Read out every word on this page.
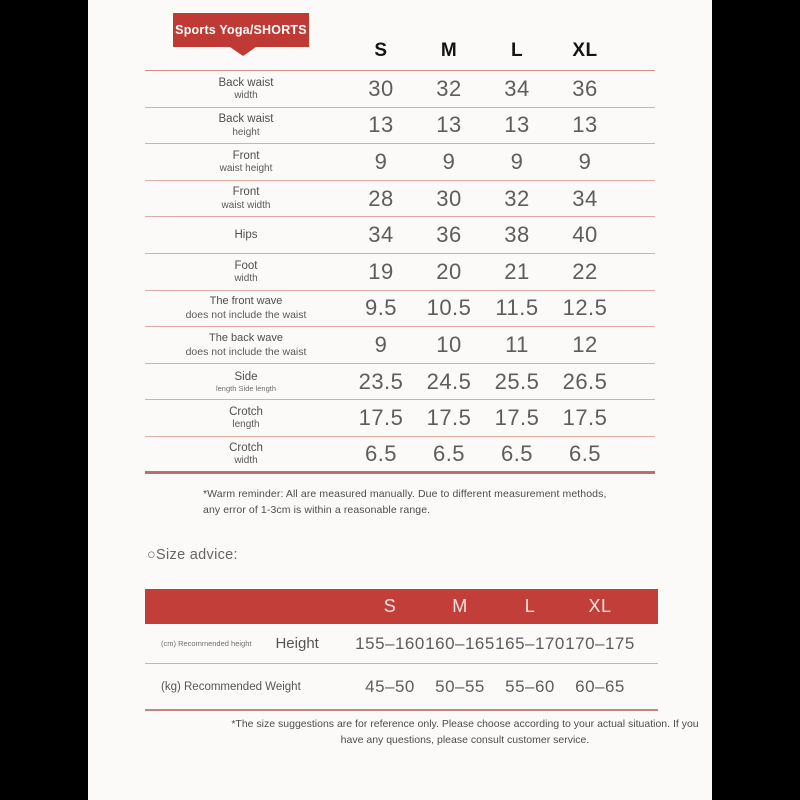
Sports Yoga/SHORTS
S	M	L	XL
Back waist
width	30	32	34	36
Back waist
height	13	13	13	13
Front
waist height	9	9	9	9
Front
waist width	28	30	32	34
Hips	34	36	38	40
Foot
width	19	20	21	22
The front wave
does not include the waist	9.5	10.5	11.5	12.5
The back wave
does not include the waist	9	10	11	12
Side
length Side length	23.5	24.5	25.5	26.5
Crotch
length	17.5	17.5	17.5	17.5
Crotch
width	6.5	6.5	6.5	6.5

*Warm reminder: All are measured manually. Due to different measurement methods, any error of 1-3cm is within a reasonable range.

○Size advice:
S	M	L	XL
(cm) Recommended height Height 155–160 160–165 165–170 170–175
(kg) Recommended Weight	45–50	50–55	55–60	60–65

*The size suggestions are for reference only. Please choose according to your actual situation. If you have any questions, please consult customer service.
